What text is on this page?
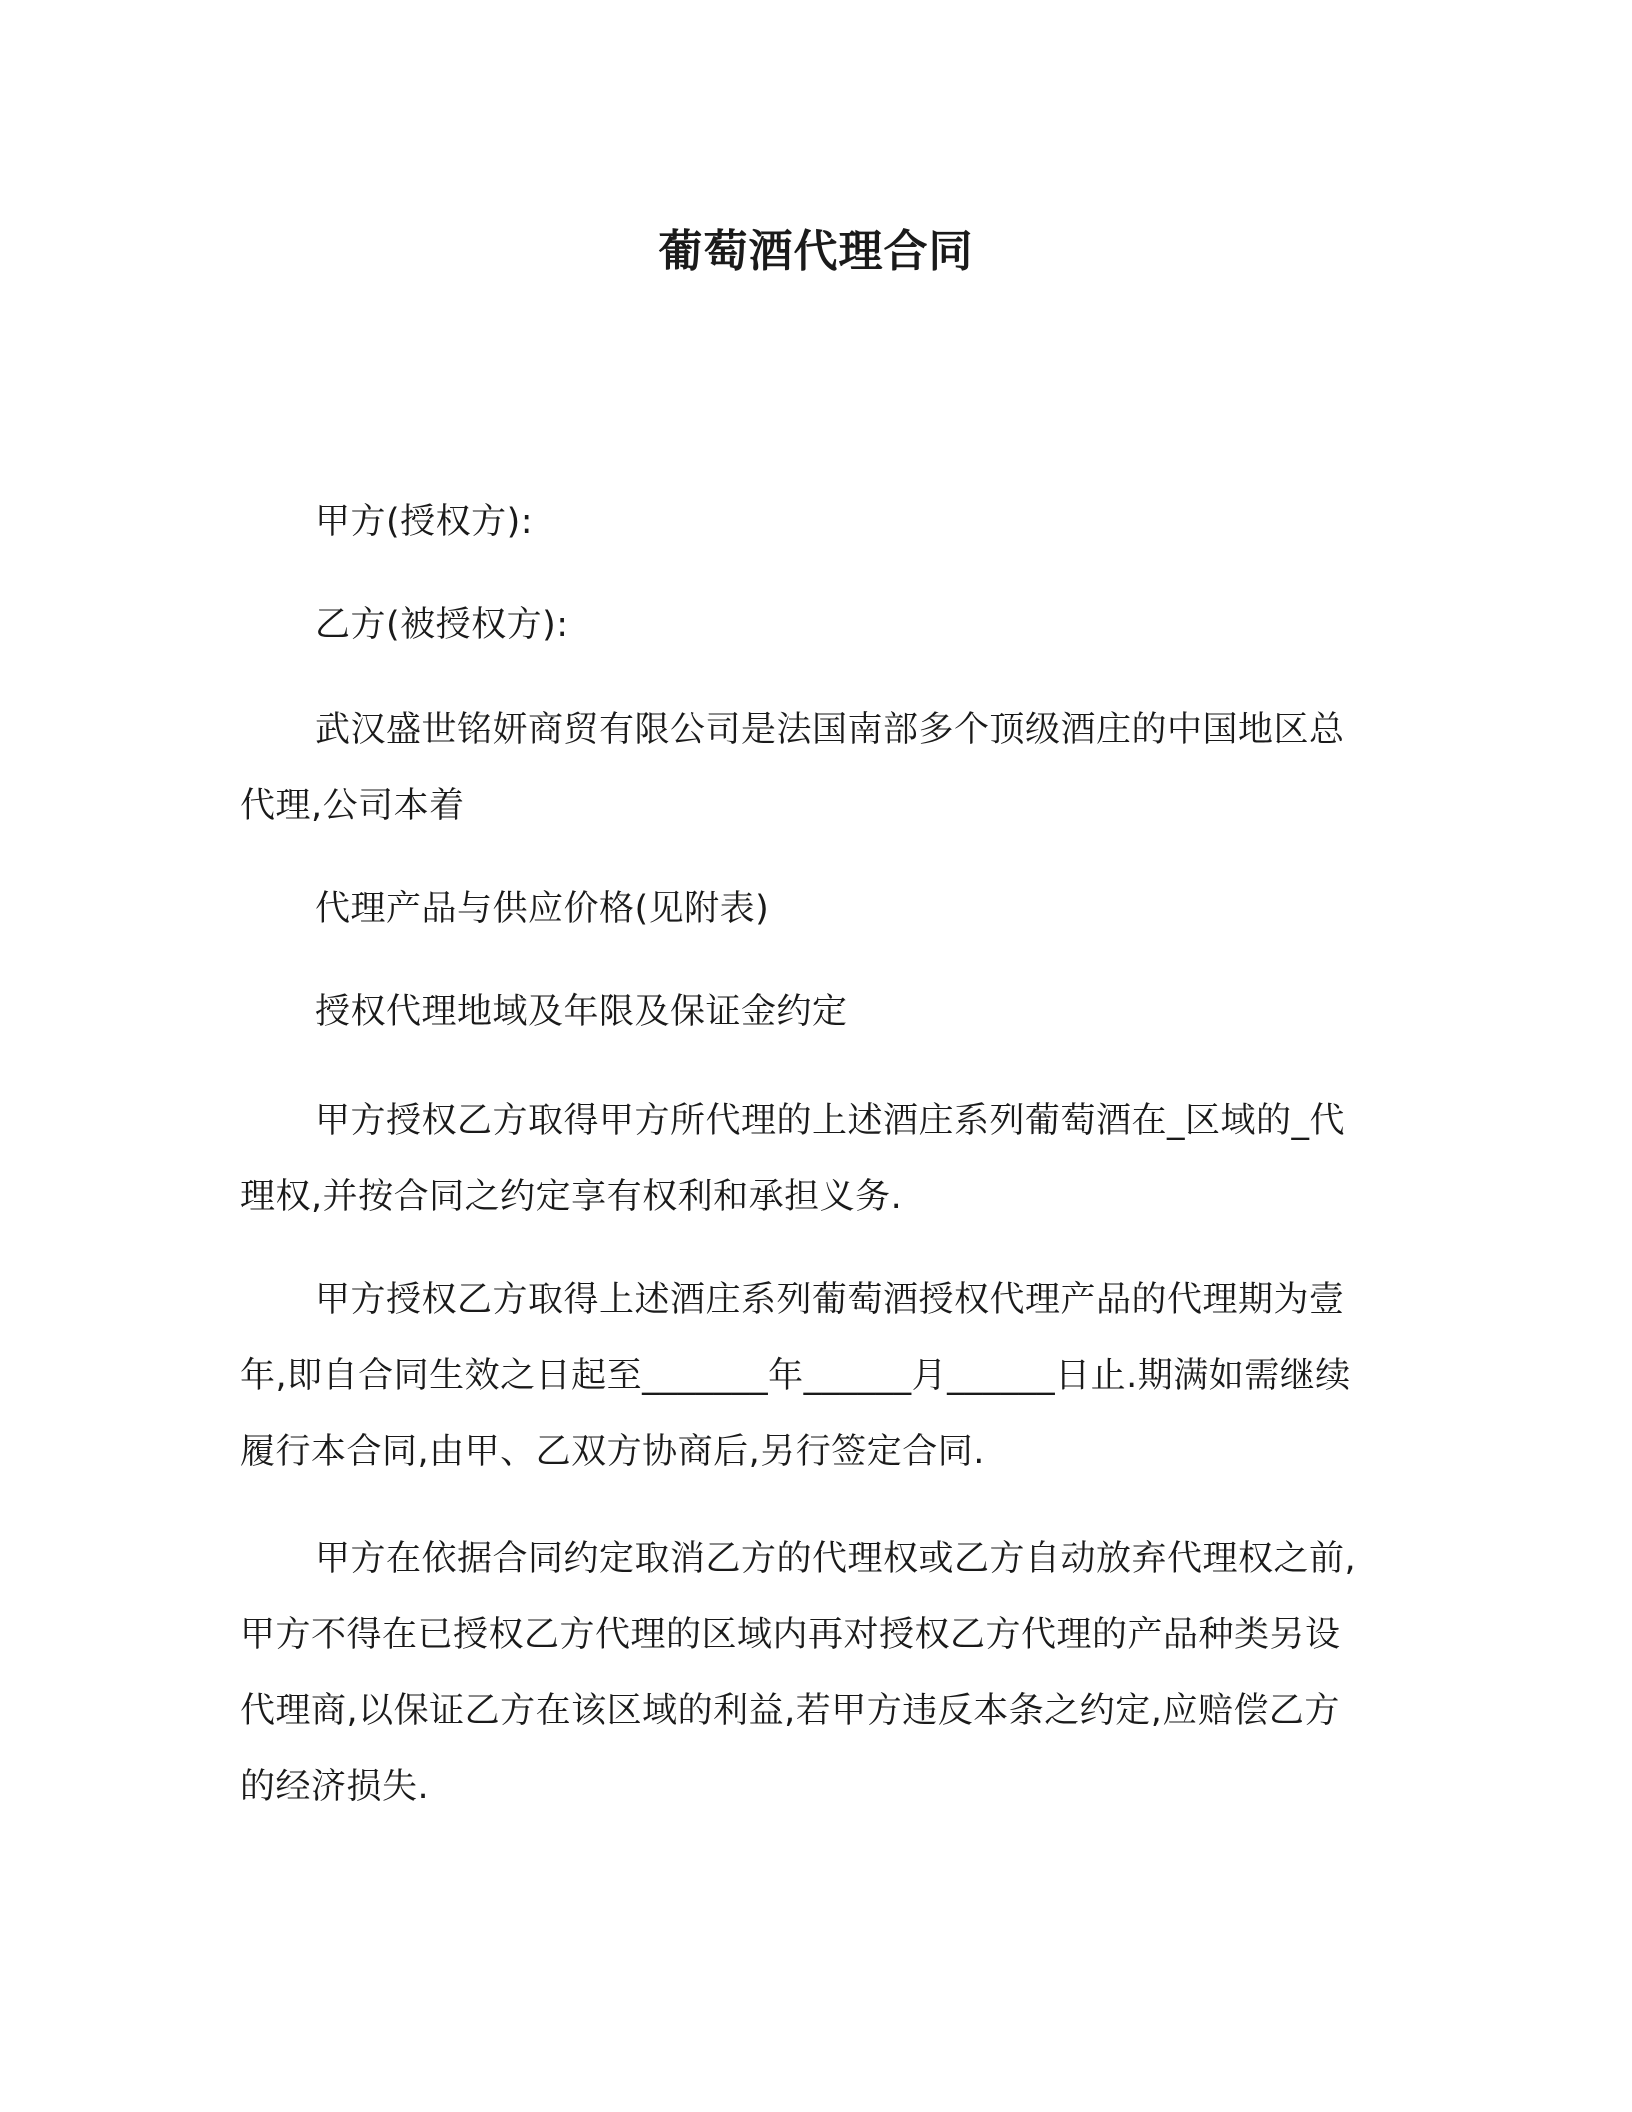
葡萄酒代理合同
甲方(授权方):
乙方(被授权方):
武汉盛世铭妍商贸有限公司是法国南部多个顶级酒庄的中国地区总代理,公司本着
代理产品与供应价格(见附表)
授权代理地域及年限及保证金约定
甲方授权乙方取得甲方所代理的上述酒庄系列葡萄酒在_区域的_代理权,并按合同之约定享有权利和承担义务.
甲方授权乙方取得上述酒庄系列葡萄酒授权代理产品的代理期为壹年,即自合同生效之日起至_______年______月______日止.期满如需继续履行本合同,由甲、乙双方协商后,另行签定合同.
甲方在依据合同约定取消乙方的代理权或乙方自动放弃代理权之前,甲方不得在已授权乙方代理的区域内再对授权乙方代理的产品种类另设代理商,以保证乙方在该区域的利益,若甲方违反本条之约定,应赔偿乙方的经济损失.
